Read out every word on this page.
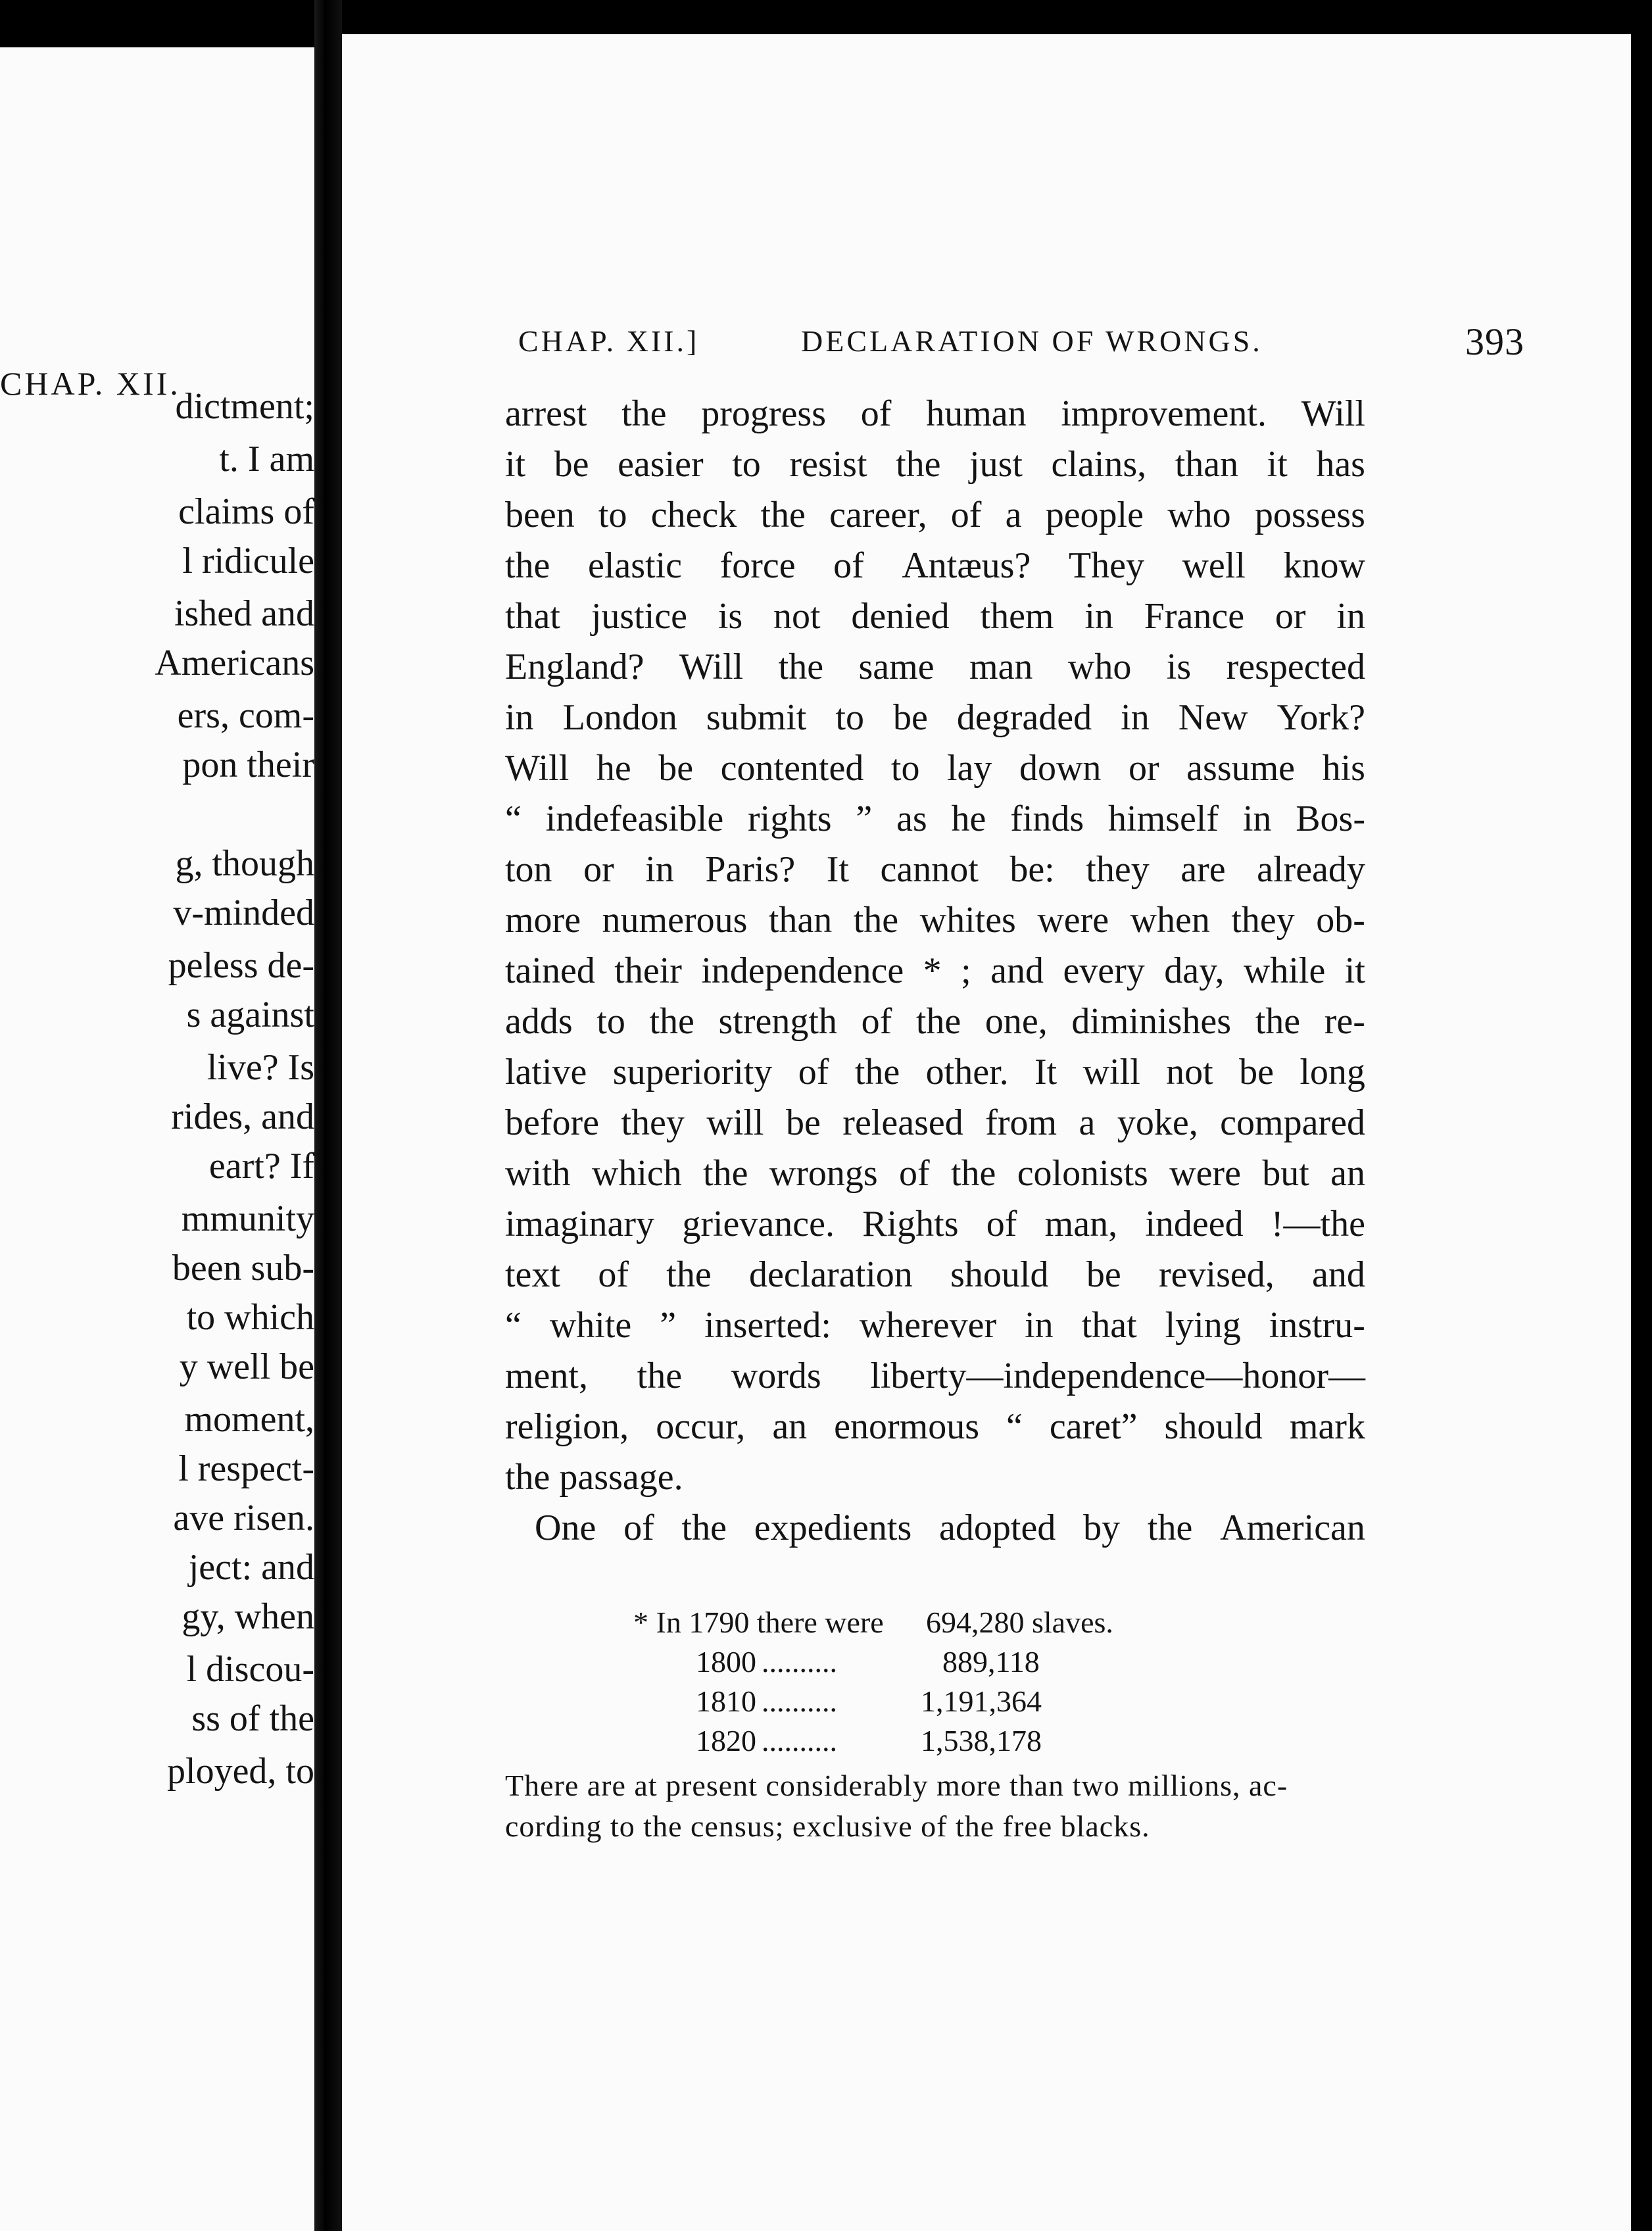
CHAP. XII.
dictment;
t. I am
claims of
l ridicule
ished and
Americans
ers, com-
pon their
g, though
v-minded
peless de-
s against
live? Is
rides, and
eart? If
mmunity
been sub-
to which
y well be
moment,
l respect-
ave risen.
ject: and
gy, when
l discou-
ss of the
ployed, to
CHAP. XII.]	DECLARATION OF WRONGS.	393
arrest the progress of human improvement. Will
it be easier to resist the just clains, than it has
been to check the career, of a people who possess
the elastic force of Antæus? They well know
that justice is not denied them in France or in
England? Will the same man who is respected
in London submit to be degraded in New York?
Will he be contented to lay down or assume his
“ indefeasible rights ” as he finds himself in Bos-
ton or in Paris? It cannot be: they are already
more numerous than the whites were when they ob-
tained their independence * ; and every day, while it
adds to the strength of the one, diminishes the re-
lative superiority of the other. It will not be long
before they will be released from a yoke, compared
with which the wrongs of the colonists were but an
imaginary grievance. Rights of man, indeed !—the
text of the declaration should be revised, and
“ white ” inserted: wherever in that lying instru-
ment, the words liberty—independence—honor—
religion, occur, an enormous “ caret” should mark
the passage.
One of the expedients adopted by the American
* In 1790 there were 694,280 slaves.
1800 ..........	889,118
1810 ..........	1,191,364
1820 ..........	1,538,178
There are at present considerably more than two millions, ac-
cording to the census; exclusive of the free blacks.
